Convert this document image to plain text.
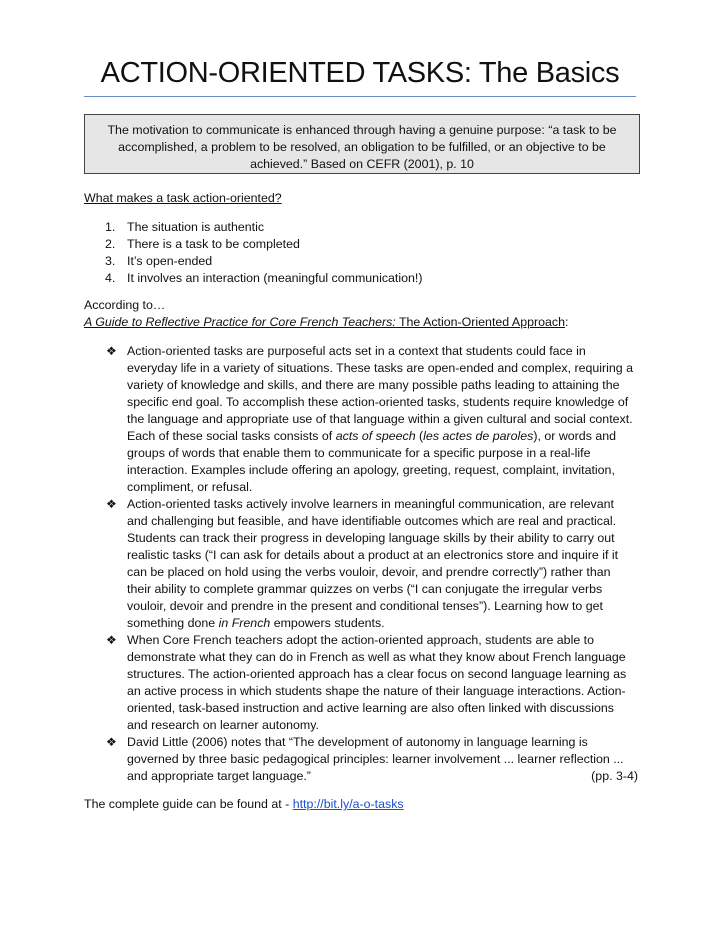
ACTION-ORIENTED TASKS: The Basics
The motivation to communicate is enhanced through having a genuine purpose: “a task to be accomplished, a problem to be resolved, an obligation to be fulfilled, or an objective to be achieved.” Based on CEFR (2001), p. 10

What makes a task action-oriented?

1. The situation is authentic
2. There is a task to be completed
3. It’s open-ended
4. It involves an interaction (meaningful communication!)

According to…

A Guide to Reflective Practice for Core French Teachers: The Action-Oriented Approach:

❖ Action-oriented tasks are purposeful acts set in a context that students could face in everyday life in a variety of situations. These tasks are open-ended and complex, requiring a variety of knowledge and skills, and there are many possible paths leading to attaining the specific end goal. To accomplish these action-oriented tasks, students require knowledge of the language and appropriate use of that language within a given cultural and social context. Each of these social tasks consists of acts of speech (les actes de paroles), or words and groups of words that enable them to communicate for a specific purpose in a real-life interaction. Examples include offering an apology, greeting, request, complaint, invitation, compliment, or refusal.
❖ Action-oriented tasks actively involve learners in meaningful communication, are relevant and challenging but feasible, and have identifiable outcomes which are real and practical. Students can track their progress in developing language skills by their ability to carry out realistic tasks (“I can ask for details about a product at an electronics store and inquire if it can be placed on hold using the verbs vouloir, devoir, and prendre correctly”) rather than their ability to complete grammar quizzes on verbs (“I can conjugate the irregular verbs vouloir, devoir and prendre in the present and conditional tenses”). Learning how to get something done in French empowers students.
❖ When Core French teachers adopt the action-oriented approach, students are able to demonstrate what they can do in French as well as what they know about French language structures. The action-oriented approach has a clear focus on second language learning as an active process in which students shape the nature of their language interactions. Action-oriented, task-based instruction and active learning are also often linked with discussions and research on learner autonomy.
❖ David Little (2006) notes that “The development of autonomy in language learning is governed by three basic pedagogical principles: learner involvement ... learner reflection ... and appropriate target language.”	(pp. 3-4)

The complete guide can be found at - http://bit.ly/a-o-tasks
